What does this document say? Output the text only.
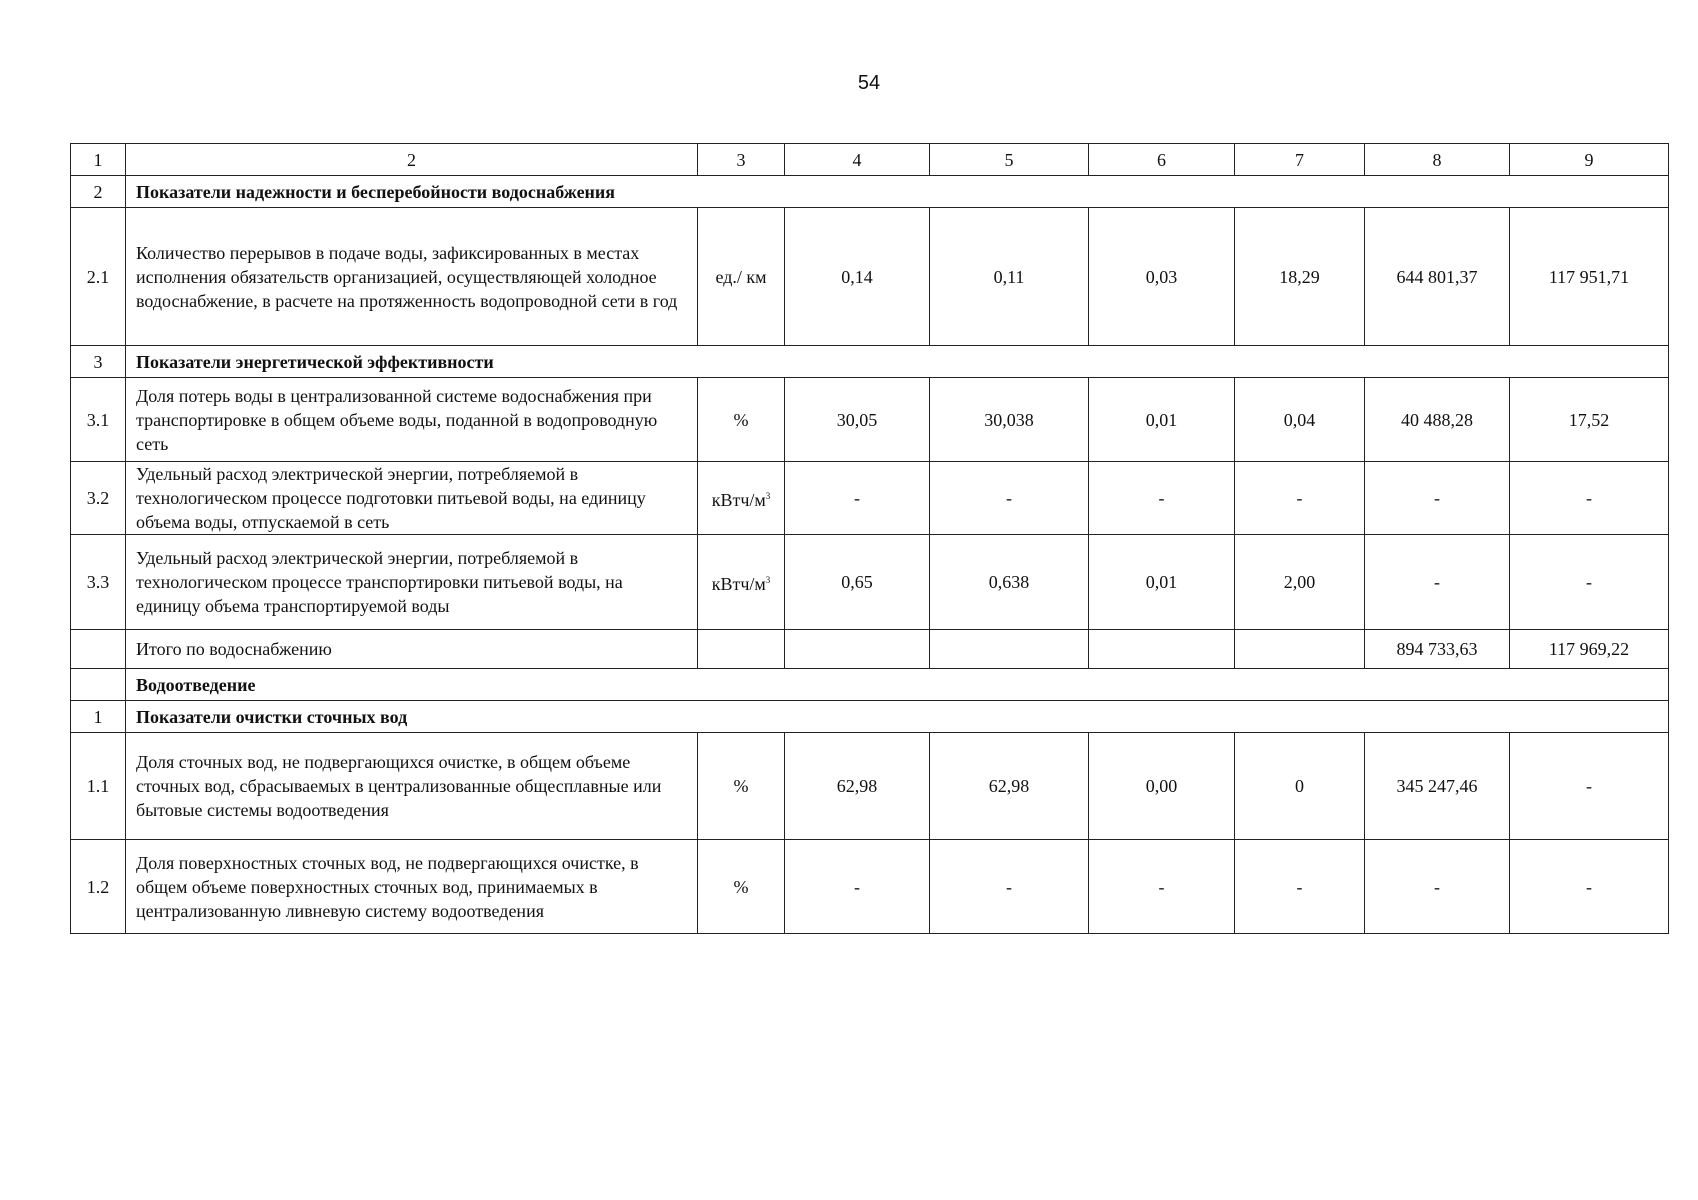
54
1	2	3	4	5	6	7	8	9
2	Показатели надежности и бесперебойности водоснабжения							
2.1	Количество перерывов в подаче воды, зафиксированных в местах исполнения обязательств организацией, осуществляющей холодное водоснабжение, в расчете на протяженность водопроводной сети в год	ед./ км	0,14	0,11	0,03	18,29	644 801,37	117 951,71
3	Показатели энергетической эффективности							
3.1	Доля потерь воды в централизованной системе водоснабжения при транспортировке в общем объеме воды, поданной в водопроводную сеть	%	30,05	30,038	0,01	0,04	40 488,28	17,52
3.2	Удельный расход электрической энергии, потребляемой в технологическом процессе подготовки питьевой воды, на единицу объема воды, отпускаемой в сеть	кВтч/$м^3$	-	-	-	-	-	-
3.3	Удельный расход электрической энергии, потребляемой в технологическом процессе транспортировки питьевой воды, на единицу объема транспортируемой воды	кВтч/$м^3$	0,65	0,638	0,01	2,00	-	-
	Итого по водоснабжению						894 733,63	117 969,22
	Водоотведение							
1	Показатели очистки сточных вод							
1.1	Доля сточных вод, не подвергающихся очистке, в общем объеме сточных вод, сбрасываемых в централизованные общесплавные или бытовые системы водоотведения	%	62,98	62,98	0,00	0	345 247,46	-
1.2	Доля поверхностных сточных вод, не подвергающихся очистке, в общем объеме поверхностных сточных вод, принимаемых в централизованную ливневую систему водоотведения	%	-	-	-	-	-	-
